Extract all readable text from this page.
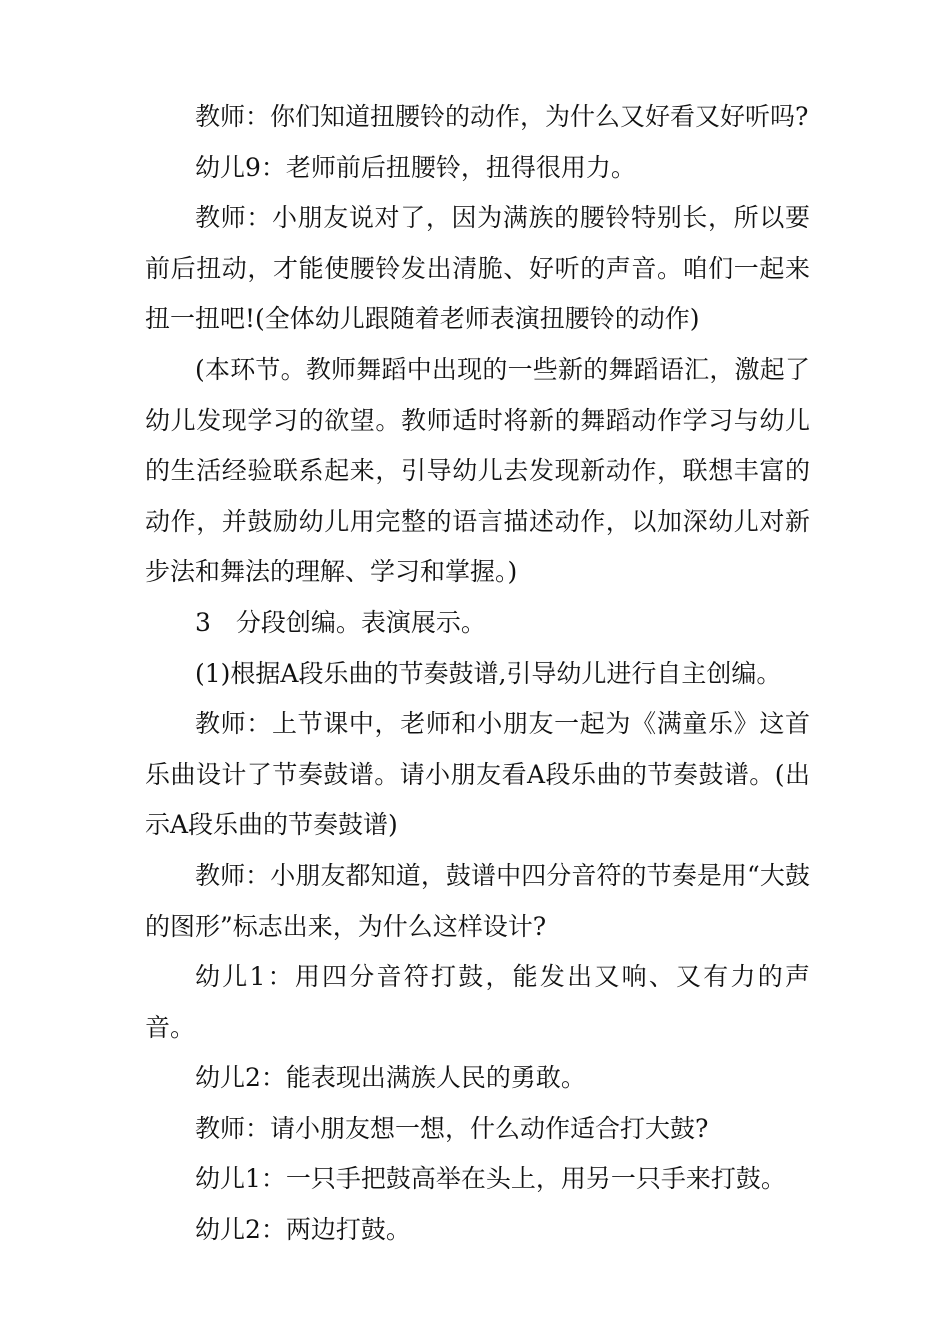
教师：你们知道扭腰铃的动作，为什么又好看又好听吗?

幼儿9：老师前后扭腰铃，扭得很用力。

教师：小朋友说对了，因为满族的腰铃特别长，所以要前后扭动，才能使腰铃发出清脆、好听的声音。咱们一起来扭一扭吧!(全体幼儿跟随着老师表演扭腰铃的动作)

(本环节。教师舞蹈中出现的一些新的舞蹈语汇，激起了幼儿发现学习的欲望。教师适时将新的舞蹈动作学习与幼儿的生活经验联系起来，引导幼儿去发现新动作，联想丰富的动作，并鼓励幼儿用完整的语言描述动作，以加深幼儿对新步法和舞法的理解、学习和掌握。)

3　分段创编。表演展示。

(1)根据A段乐曲的节奏鼓谱,引导幼儿进行自主创编。

教师：上节课中，老师和小朋友一起为《满童乐》这首乐曲设计了节奏鼓谱。请小朋友看A段乐曲的节奏鼓谱。(出示A段乐曲的节奏鼓谱)

教师：小朋友都知道，鼓谱中四分音符的节奏是用“大鼓的图形”标志出来，为什么这样设计?

幼儿1：用四分音符打鼓，能发出又响、又有力的声音。

幼儿2：能表现出满族人民的勇敢。

教师：请小朋友想一想，什么动作适合打大鼓?

幼儿1：一只手把鼓高举在头上，用另一只手来打鼓。

幼儿2：两边打鼓。
